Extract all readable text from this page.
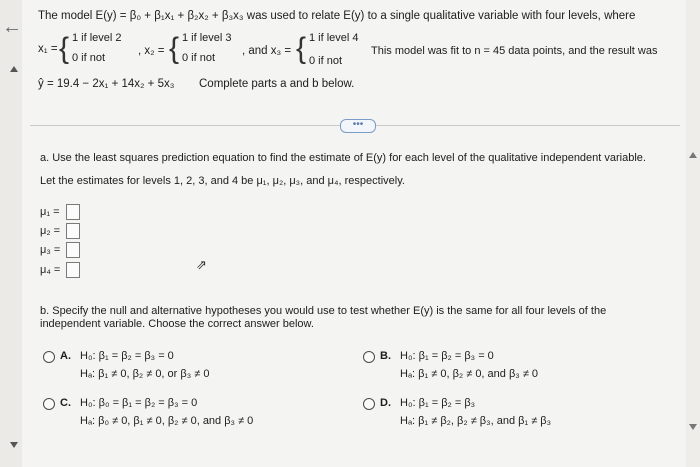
← The model E(y) = β₀ + β₁x₁ + β₂x₂ + β₃x₃ was used to relate E(y) to a single qualitative variable with four levels, where
x₁ = { 1 if level 2
0 if not
, x₂ = { 1 if level 3
0 if not
, and x₃ = { 1 if level 4
0 if not
This model was fit to n = 45 data points, and the result was
ŷ = 19.4 − 2x₁ + 14x₂ + 5x₃ Complete parts a and b below.
•••
a. Use the least squares prediction equation to find the estimate of E(y) for each level of the qualitative independent variable.
Let the estimates for levels 1, 2, 3, and 4 be μ₁, μ₂, μ₃, and μ₄, respectively.
μ₁ =
μ₂ =
μ₃ =
μ₄ =	⇗
b. Specify the null and alternative hypotheses you would use to test whether E(y) is the same for all four levels of the
independent variable. Choose the correct answer below.
A. H₀: β₁ = β₂ = β₃ = 0
Hₐ: β₁ ≠ 0, β₂ ≠ 0, or β₃ ≠ 0
B. H₀: β₁ = β₂ = β₃ = 0
Hₐ: β₁ ≠ 0, β₂ ≠ 0, and β₃ ≠ 0
C. H₀: β₀ = β₁ = β₂ = β₃ = 0
Hₐ: β₀ ≠ 0, β₁ ≠ 0, β₂ ≠ 0, and β₃ ≠ 0
D. H₀: β₁ = β₂ = β₃
Hₐ: β₁ ≠ β₂, β₂ ≠ β₃, and β₁ ≠ β₃
